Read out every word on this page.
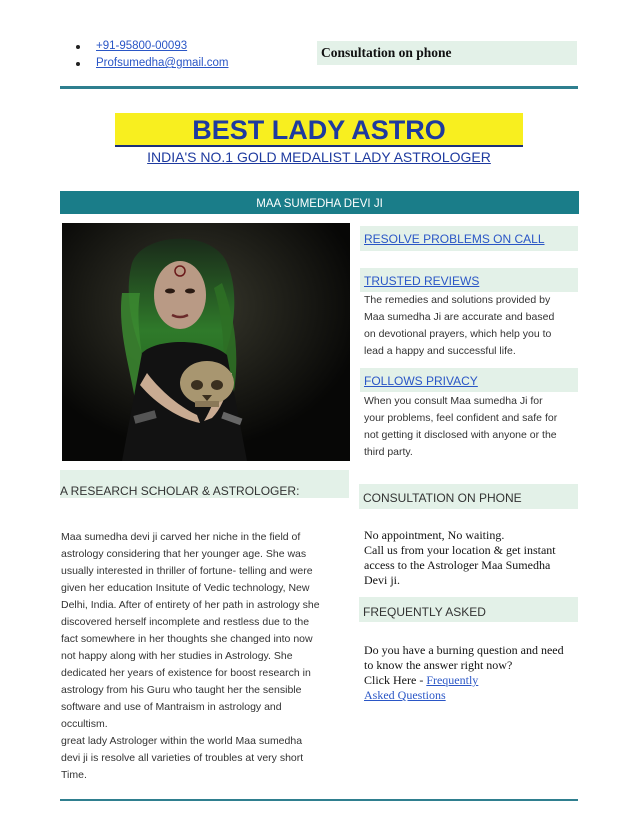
+91-95800-00093
Profsumedha@gmail.com
Consultation on phone
BEST LADY ASTRO
INDIA'S NO.1 GOLD MEDALIST LADY ASTROLOGER
MAA SUMEDHA DEVI JI
RESOLVE PROBLEMS ON CALL
TRUSTED REVIEWS
The remedies and solutions provided by
Maa sumedha Ji are accurate and based
on devotional prayers, which help you to
lead a happy and successful life.
FOLLOWS PRIVACY
When you consult Maa sumedha Ji for
your problems, feel confident and safe for
not getting it disclosed with anyone or the
third party.
CONSULTATION ON PHONE
No appointment, No waiting.
Call us from your location & get instant
access to the Astrologer Maa Sumedha
Devi ji.
FREQUENTLY ASKED
Do you have a burning question and need
to know the answer right now?
Click Here - Frequently
Asked Questions
A RESEARCH SCHOLAR & ASTROLOGER:
Maa sumedha devi ji carved her niche in the field of
astrology considering that her younger age. She was
usually interested in thriller of fortune- telling and were
given her education Insitute of Vedic technology, New
Delhi, India. After of entirety of her path in astrology she
discovered herself incomplete and restless due to the
fact somewhere in her thoughts she changed into now
not happy along with her studies in Astrology. She
dedicated her years of existence for boost research in
astrology from his Guru who taught her the sensible
software and use of Mantraism in astrology and
occultism.
great lady Astrologer within the world Maa sumedha
devi ji is resolve all varieties of troubles at very short
Time.
